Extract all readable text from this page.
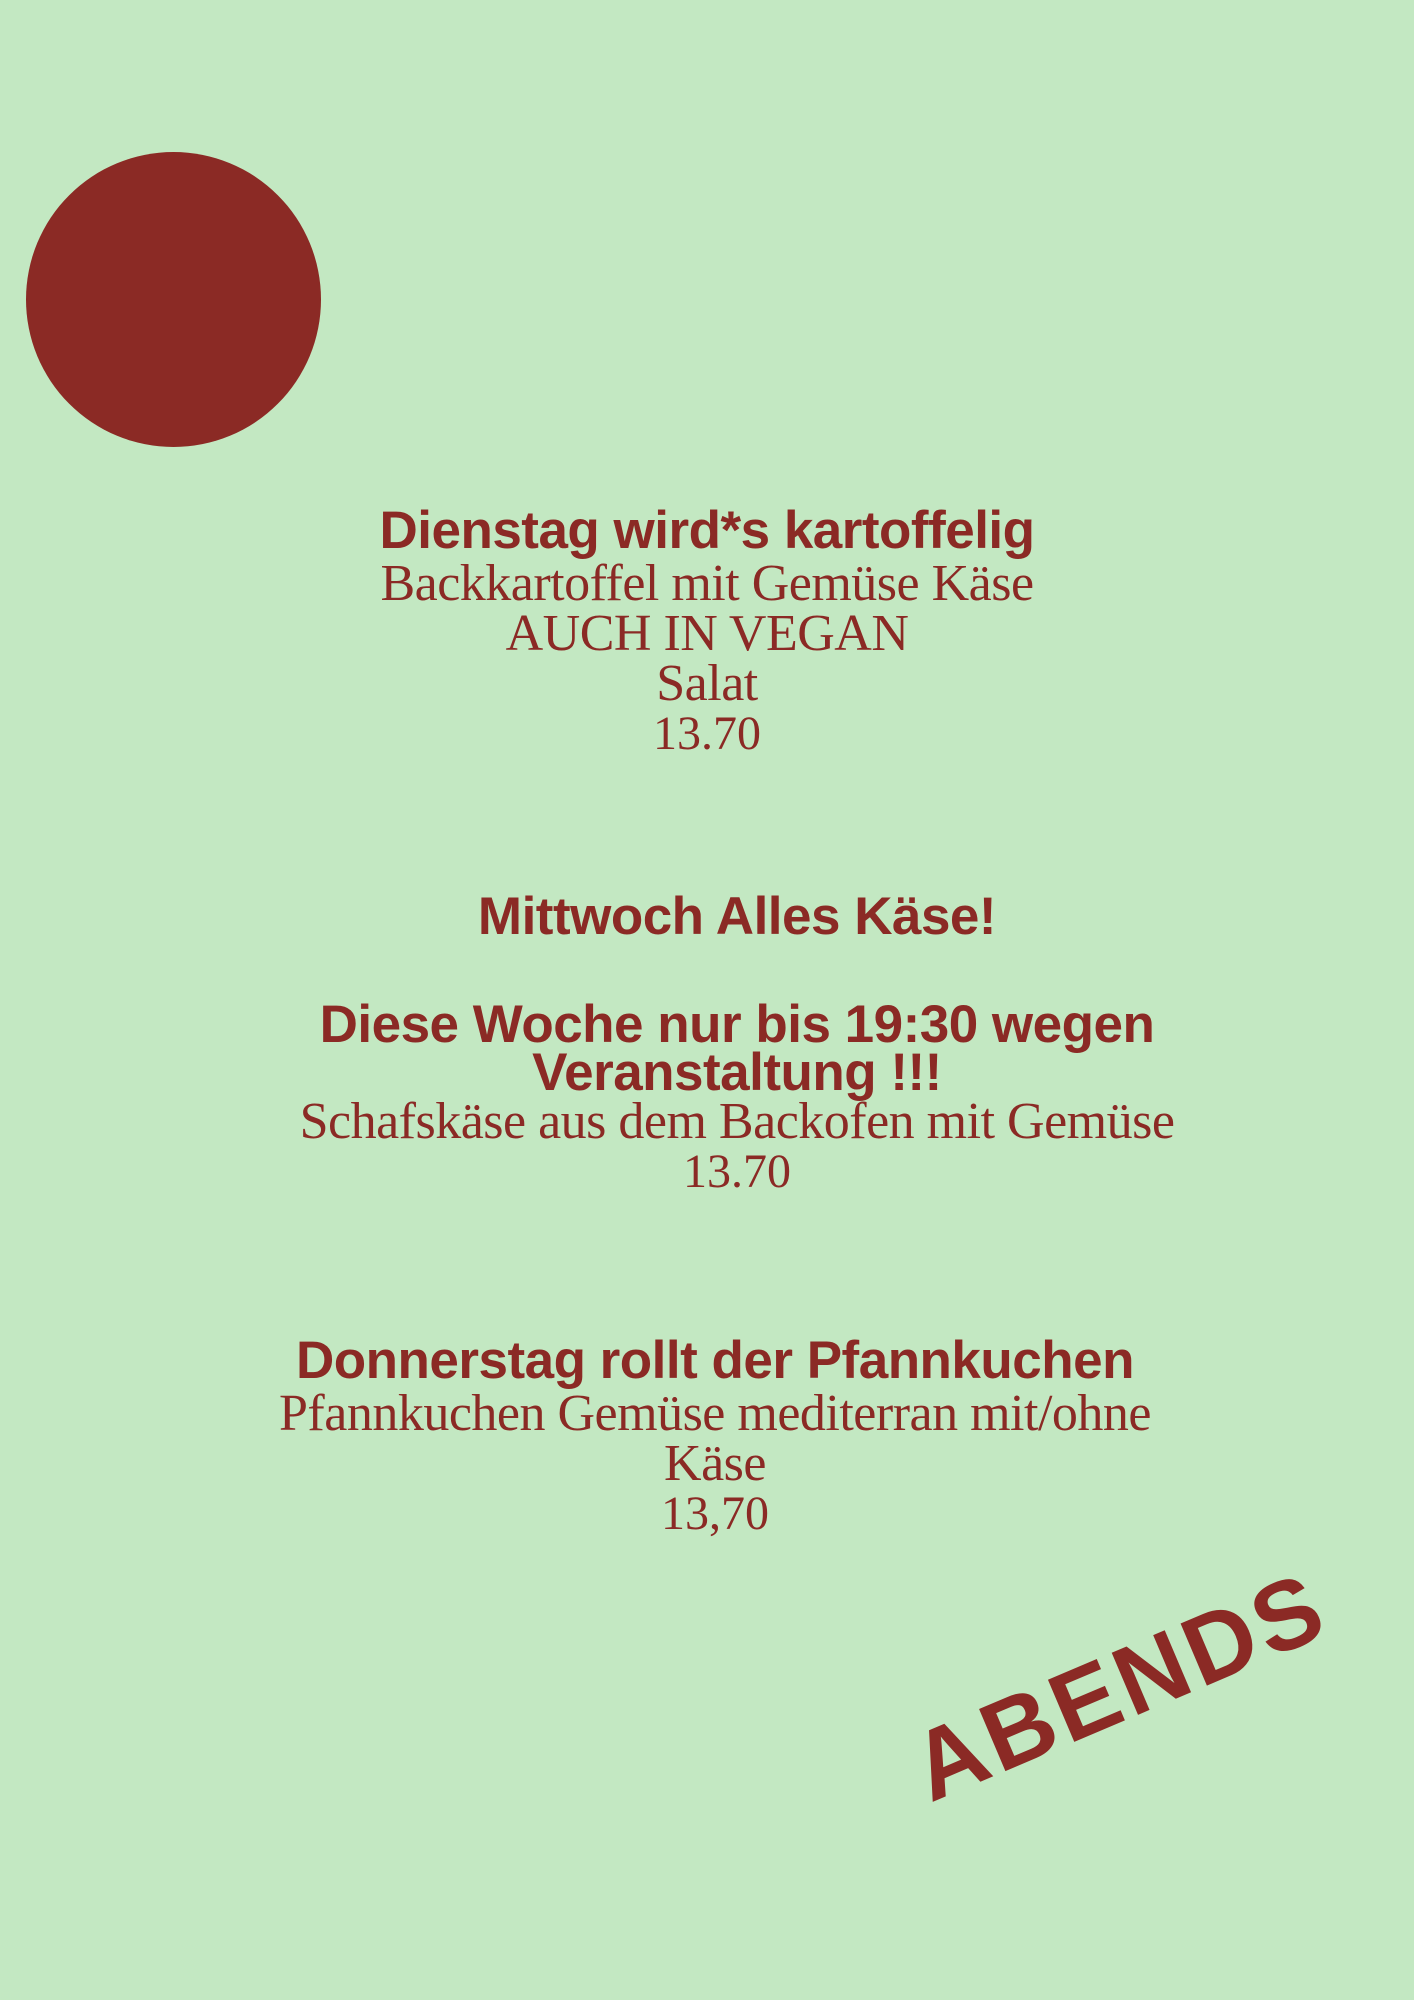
Dienstag wird*s kartoffelig
Backkartoffel mit Gemüse Käse
AUCH IN VEGAN
Salat
13.70
Mittwoch Alles Käse!
Diese Woche nur bis 19:30 wegen
Veranstaltung !!!
Schafskäse aus dem Backofen mit Gemüse
13.70
Donnerstag rollt der Pfannkuchen
Pfannkuchen Gemüse mediterran mit/ohne
Käse
13,70
ABENDS
